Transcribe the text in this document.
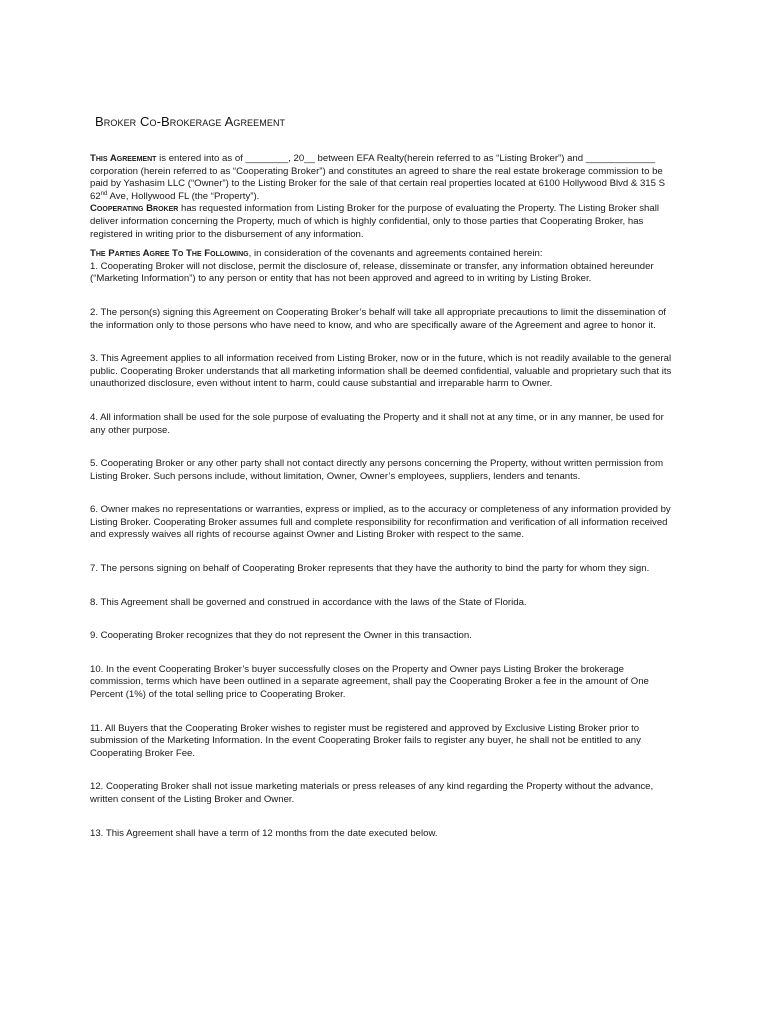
Broker Co-Brokerage Agreement

This Agreement is entered into as of ________, 20__ between EFA Realty(herein referred to as “Listing Broker”) and _____________ corporation (herein referred to as “Cooperating Broker”) and constitutes an agreed to share the real estate brokerage commission to be paid by Yashasim LLC (“Owner”) to the Listing Broker for the sale of that certain real properties located at 6100 Hollywood Blvd & 315 S 62nd Ave, Hollywood FL (the “Property”).

Cooperating Broker has requested information from Listing Broker for the purpose of evaluating the Property. The Listing Broker shall deliver information concerning the Property, much of which is highly confidential, only to those parties that Cooperating Broker, has registered in writing prior to the disbursement of any information.

The Parties Agree To The Following, in consideration of the covenants and agreements contained herein:

1. Cooperating Broker will not disclose, permit the disclosure of, release, disseminate or transfer, any information obtained hereunder (“Marketing Information”) to any person or entity that has not been approved and agreed to in writing by Listing Broker.

2. The person(s) signing this Agreement on Cooperating Broker’s behalf will take all appropriate precautions to limit the dissemination of the information only to those persons who have need to know, and who are specifically aware of the Agreement and agree to honor it.

3. This Agreement applies to all information received from Listing Broker, now or in the future, which is not readily available to the general public. Cooperating Broker understands that all marketing information shall be deemed confidential, valuable and proprietary such that its unauthorized disclosure, even without intent to harm, could cause substantial and irreparable harm to Owner.

4. All information shall be used for the sole purpose of evaluating the Property and it shall not at any time, or in any manner, be used for any other purpose.

5. Cooperating Broker or any other party shall not contact directly any persons concerning the Property, without written permission from Listing Broker. Such persons include, without limitation, Owner, Owner’s employees, suppliers, lenders and tenants.

6. Owner makes no representations or warranties, express or implied, as to the accuracy or completeness of any information provided by Listing Broker. Cooperating Broker assumes full and complete responsibility for reconfirmation and verification of all information received and expressly waives all rights of recourse against Owner and Listing Broker with respect to the same.

7. The persons signing on behalf of Cooperating Broker represents that they have the authority to bind the party for whom they sign.

8. This Agreement shall be governed and construed in accordance with the laws of the State of Florida.

9. Cooperating Broker recognizes that they do not represent the Owner in this transaction.

10. In the event Cooperating Broker’s buyer successfully closes on the Property and Owner pays Listing Broker the brokerage commission, terms which have been outlined in a separate agreement, shall pay the Cooperating Broker a fee in the amount of One Percent (1%) of the total selling price to Cooperating Broker.

11. All Buyers that the Cooperating Broker wishes to register must be registered and approved by Exclusive Listing Broker prior to submission of the Marketing Information. In the event Cooperating Broker fails to register any buyer, he shall not be entitled to any Cooperating Broker Fee.

12. Cooperating Broker shall not issue marketing materials or press releases of any kind regarding the Property without the advance, written consent of the Listing Broker and Owner.

13. This Agreement shall have a term of 12 months from the date executed below.
